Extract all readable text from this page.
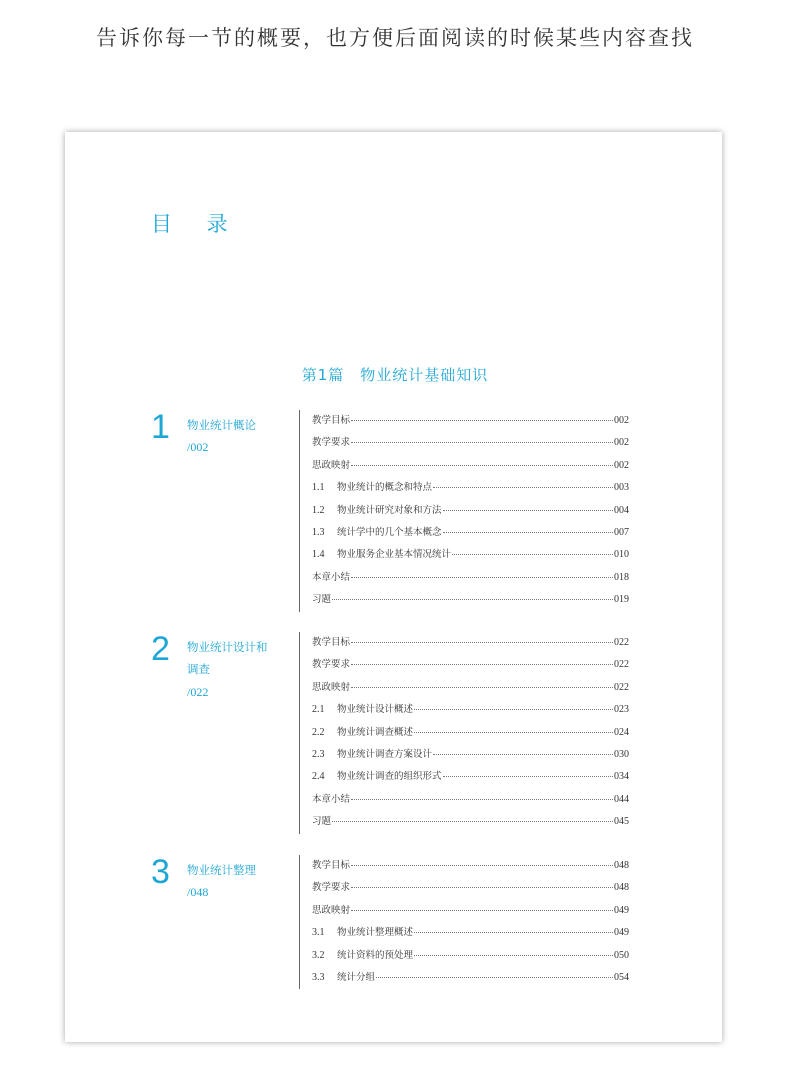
告诉你每一节的概要，也方便后面阅读的时候某些内容查找
目 录
第1篇　物业统计基础知识
1 物业统计概论
/002
教学目标	002
教学要求	002
思政映射	002
1.1	物业统计的概念和特点	003
1.2	物业统计研究对象和方法	004
1.3	统计学中的几个基本概念	007
1.4	物业服务企业基本情况统计	010
本章小结	018
习题	019
2 物业统计设计和
调查
/022
教学目标	022
教学要求	022
思政映射	022
2.1	物业统计设计概述	023
2.2	物业统计调查概述	024
2.3	物业统计调查方案设计	030
2.4	物业统计调查的组织形式	034
本章小结	044
习题	045
3 物业统计整理
/048
教学目标	048
教学要求	048
思政映射	049
3.1	物业统计整理概述	049
3.2	统计资料的预处理	050
3.3	统计分组	054
